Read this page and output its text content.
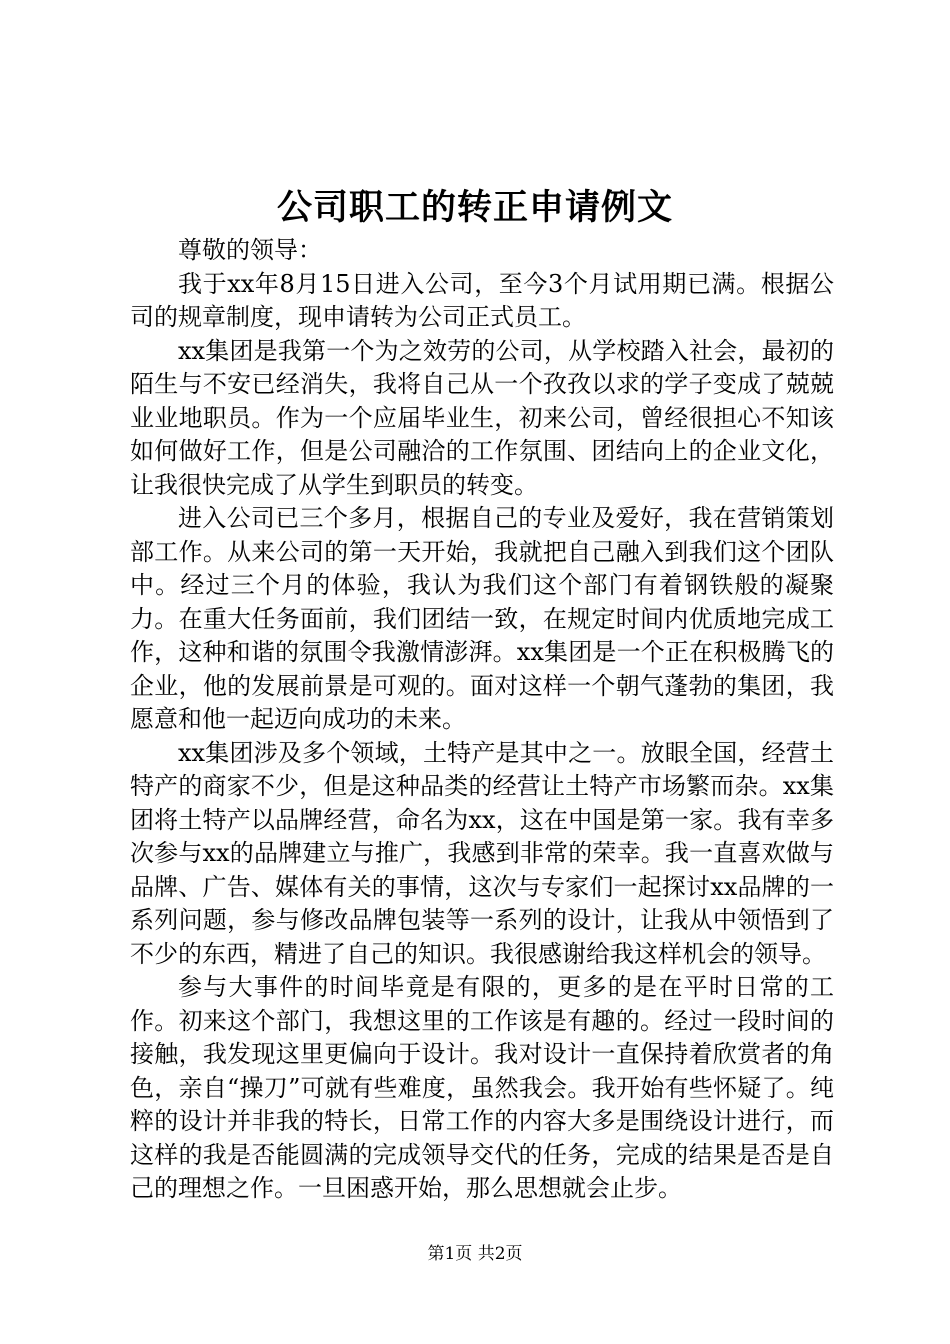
公司职工的转正申请例文

尊敬的领导：

我于xx年8月15日进入公司，至今3个月试用期已满。根据公司的规章制度，现申请转为公司正式员工。

xx集团是我第一个为之效劳的公司，从学校踏入社会，最初的陌生与不安已经消失，我将自己从一个孜孜以求的学子变成了兢兢业业地职员。作为一个应届毕业生，初来公司，曾经很担心不知该如何做好工作，但是公司融洽的工作氛围、团结向上的企业文化，让我很快完成了从学生到职员的转变。

进入公司已三个多月，根据自己的专业及爱好，我在营销策划部工作。从来公司的第一天开始，我就把自己融入到我们这个团队中。经过三个月的体验，我认为我们这个部门有着钢铁般的凝聚力。在重大任务面前，我们团结一致，在规定时间内优质地完成工作，这种和谐的氛围令我激情澎湃。xx集团是一个正在积极腾飞的企业，他的发展前景是可观的。面对这样一个朝气蓬勃的集团，我愿意和他一起迈向成功的未来。

xx集团涉及多个领域，土特产是其中之一。放眼全国，经营土特产的商家不少，但是这种品类的经营让土特产市场繁而杂。xx集团将土特产以品牌经营，命名为xx，这在中国是第一家。我有幸多次参与xx的品牌建立与推广，我感到非常的荣幸。我一直喜欢做与品牌、广告、媒体有关的事情，这次与专家们一起探讨xx品牌的一系列问题，参与修改品牌包装等一系列的设计，让我从中领悟到了不少的东西，精进了自己的知识。我很感谢给我这样机会的领导。

参与大事件的时间毕竟是有限的，更多的是在平时日常的工作。初来这个部门，我想这里的工作该是有趣的。经过一段时间的接触，我发现这里更偏向于设计。我对设计一直保持着欣赏者的角色，亲自“操刀”可就有些难度，虽然我会。我开始有些怀疑了。纯粹的设计并非我的特长，日常工作的内容大多是围绕设计进行，而这样的我是否能圆满的完成领导交代的任务，完成的结果是否是自己的理想之作。一旦困惑开始，那么思想就会止步。

第1页 共2页
